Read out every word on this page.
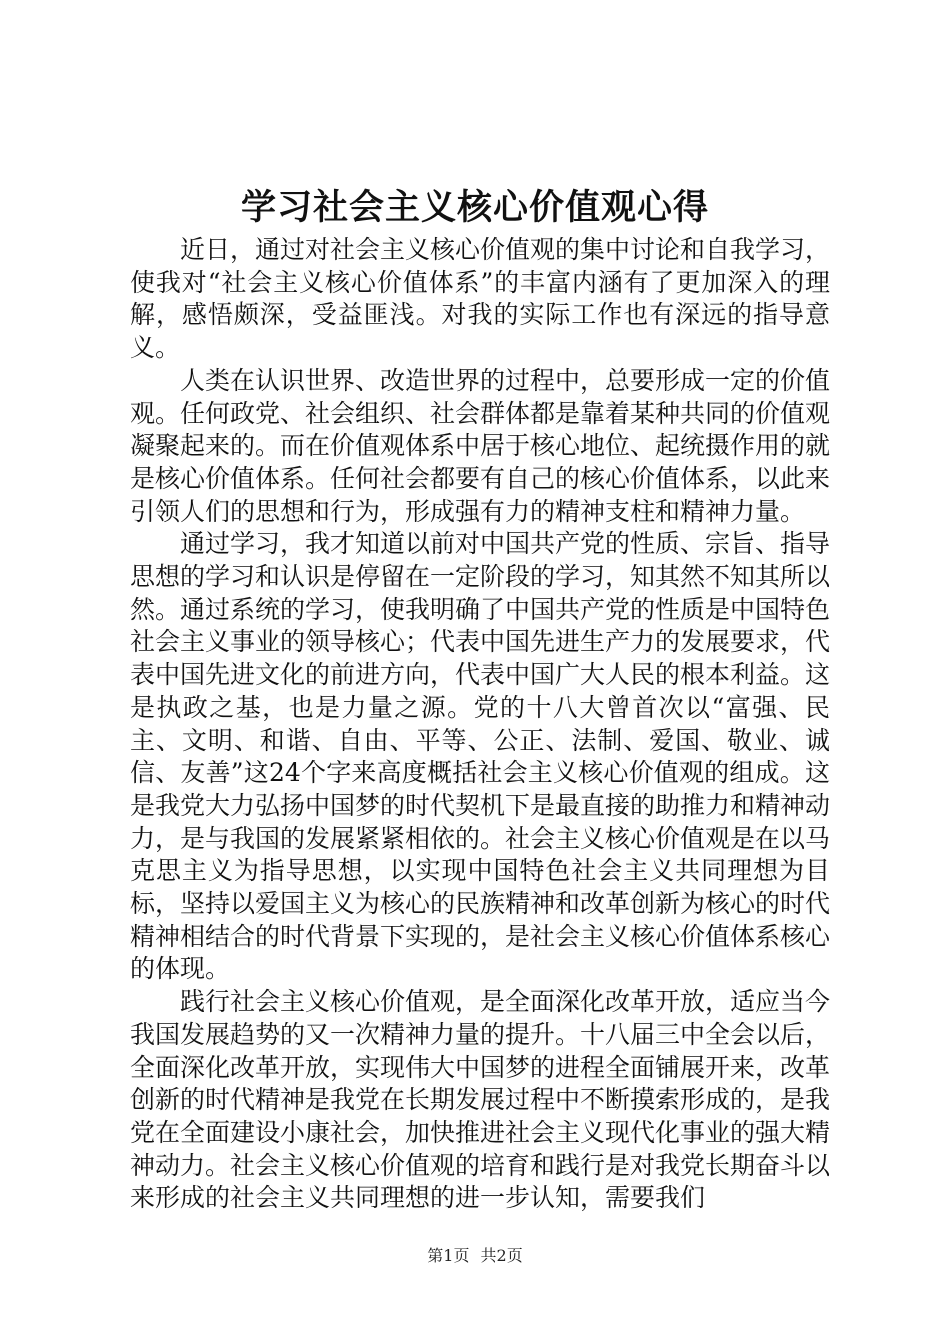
学习社会主义核心价值观心得

近日，通过对社会主义核心价值观的集中讨论和自我学习，使我对“社会主义核心价值体系”的丰富内涵有了更加深入的理解，感悟颇深，受益匪浅。对我的实际工作也有深远的指导意义。

人类在认识世界、改造世界的过程中，总要形成一定的价值观。任何政党、社会组织、社会群体都是靠着某种共同的价值观凝聚起来的。而在价值观体系中居于核心地位、起统摄作用的就是核心价值体系。任何社会都要有自己的核心价值体系，以此来引领人们的思想和行为，形成强有力的精神支柱和精神力量。

通过学习，我才知道以前对中国共产党的性质、宗旨、指导思想的学习和认识是停留在一定阶段的学习，知其然不知其所以然。通过系统的学习，使我明确了中国共产党的性质是中国特色社会主义事业的领导核心；代表中国先进生产力的发展要求，代表中国先进文化的前进方向，代表中国广大人民的根本利益。这是执政之基，也是力量之源。党的十八大曾首次以“富强、民主、文明、和谐、自由、平等、公正、法制、爱国、敬业、诚信、友善”这24个字来高度概括社会主义核心价值观的组成。这是我党大力弘扬中国梦的时代契机下是最直接的助推力和精神动力，是与我国的发展紧紧相依的。社会主义核心价值观是在以马克思主义为指导思想，以实现中国特色社会主义共同理想为目标，坚持以爱国主义为核心的民族精神和改革创新为核心的时代精神相结合的时代背景下实现的，是社会主义核心价值体系核心的体现。

践行社会主义核心价值观，是全面深化改革开放，适应当今我国发展趋势的又一次精神力量的提升。十八届三中全会以后，全面深化改革开放，实现伟大中国梦的进程全面铺展开来，改革创新的时代精神是我党在长期发展过程中不断摸索形成的，是我党在全面建设小康社会，加快推进社会主义现代化事业的强大精神动力。社会主义核心价值观的培育和践行是对我党长期奋斗以来形成的社会主义共同理想的进一步认知，需要我们

第1页 共2页
